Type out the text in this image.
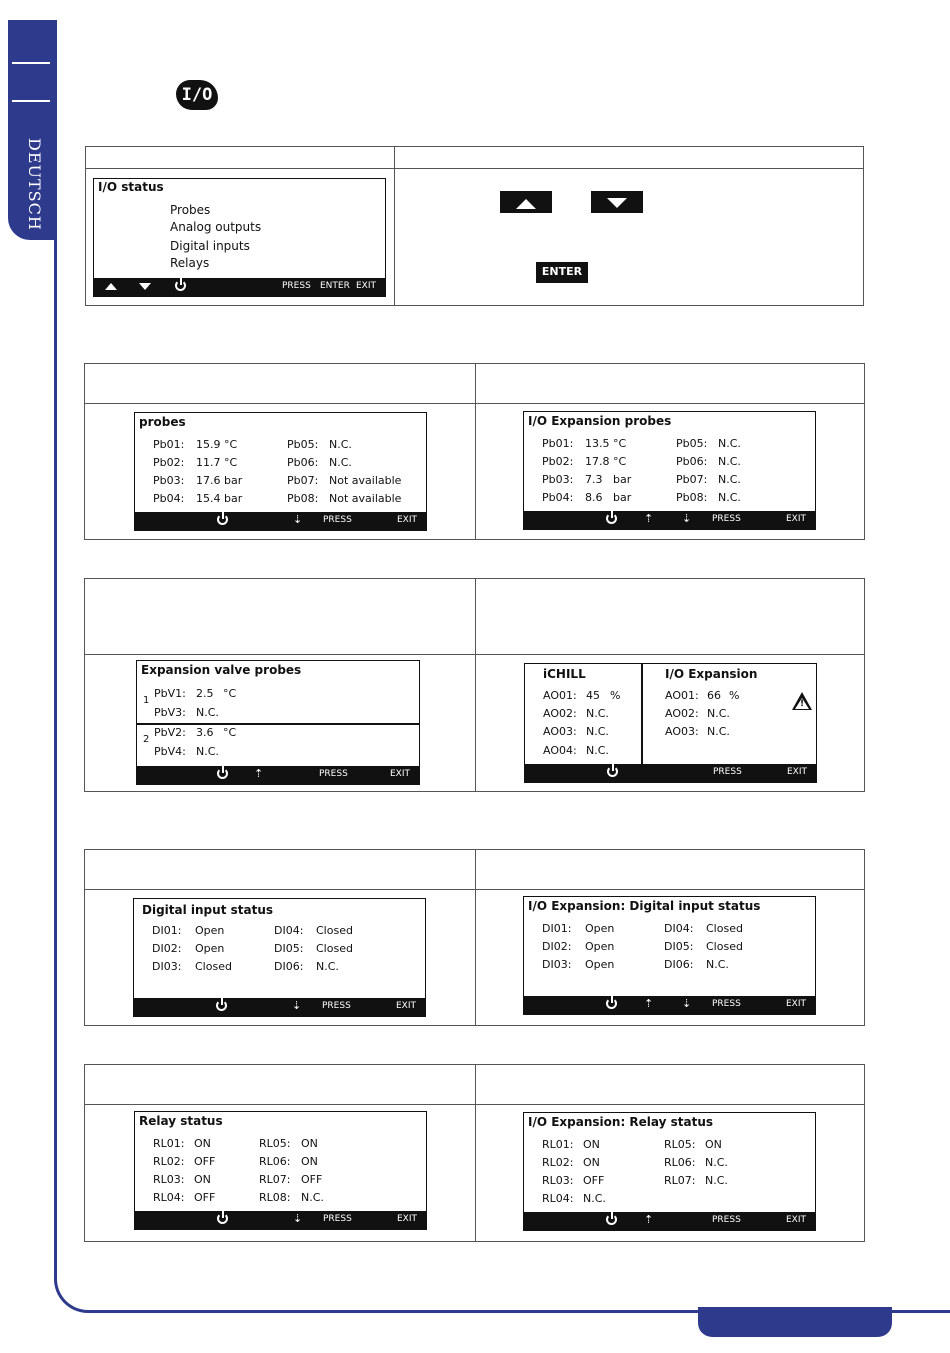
DEUTSCH
I/O
I/O status
Probes
Analog outputs
Digital inputs
Relays
PRESS ENTER EXIT
ENTER
probes
Pb01: 15.9 °C	Pb05: N.C.
Pb02: 11.7 °C	Pb06: N.C.
Pb03: 17.6 bar	Pb07: Not available
Pb04: 15.4 bar	Pb08: Not available
⇣ PRESS	EXIT
I/O Expansion probes
Pb01: 13.5 °C	Pb05: N.C.
Pb02: 17.8 °C	Pb06: N.C.
Pb03: 7.3 bar	Pb07: N.C.
Pb04: 8.6 bar	Pb08: N.C.
⇡	⇣ PRESS	EXIT
Expansion valve probes
1
PbV1: 2.5 °C
PbV3: N.C.
2
PbV2: 3.6 °C
PbV4: N.C.
⇡	PRESS	EXIT
iCHILL	I/O Expansion
AO01: 45 %
AO02: N.C.
AO03: N.C.
AO04: N.C.
AO01: 66 %
AO02: N.C.
AO03: N.C.
PRESS	EXIT
!
Digital input status
DI01: Open	DI04: Closed
DI02: Open	DI05: Closed
DI03: Closed	DI06: N.C.
⇣ PRESS	EXIT
I/O Expansion: Digital input status
DI01: Open	DI04: Closed
DI02: Open	DI05: Closed
DI03: Open	DI06: N.C.
⇡	⇣ PRESS	EXIT
Relay status
RL01: ON	RL05: ON
RL02: OFF	RL06: ON
RL03: ON	RL07: OFF
RL04: OFF	RL08: N.C.
⇣ PRESS	EXIT
I/O Expansion: Relay status
RL01: ON	RL05: ON
RL02: ON	RL06: N.C.
RL03: OFF	RL07: N.C.
RL04: N.C.
⇡	PRESS	EXIT
